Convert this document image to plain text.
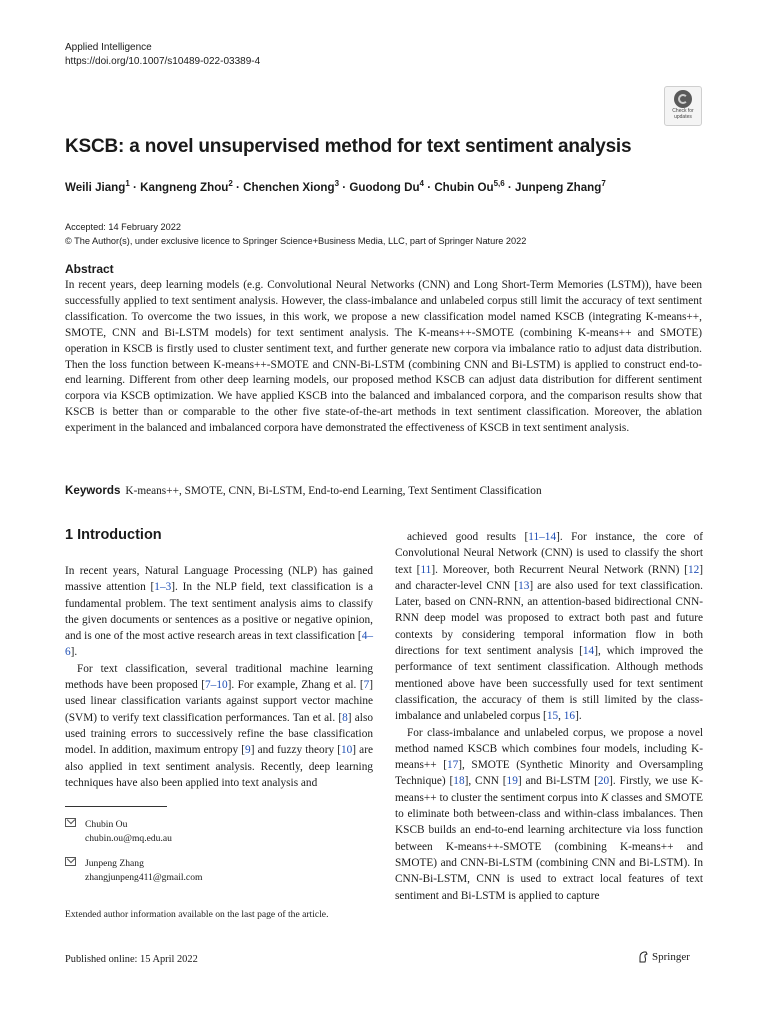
Applied Intelligence
https://doi.org/10.1007/s10489-022-03389-4
Check for
updates
KSCB: a novel unsupervised method for text sentiment analysis
Weili Jiang$^1$ · Kangneng Zhou$^2$ · Chenchen Xiong$^3$ · Guodong $Du^4$ · Chubin Ou$^{5,6}$ · Junpeng Zhang$^7$
Accepted: 14 February 2022
© The Author(s), under exclusive licence to Springer Science+Business Media, LLC, part of Springer Nature 2022
Abstract
In recent years, deep learning models (e.g. Convolutional Neural Networks (CNN) and Long Short-Term Memories (LSTM)), have been successfully applied to text sentiment analysis. However, the class-imbalance and unlabeled corpus still limit the accuracy of text sentiment classification. To overcome the two issues, in this work, we propose a new classification model named KSCB (integrating K-means++, SMOTE, CNN and Bi-LSTM models) for text sentiment analysis. The K-means++-SMOTE (combining K-means++ and SMOTE) operation in KSCB is firstly used to cluster sentiment text, and further generate new corpora via imbalance ratio to adjust data distribution. Then the loss function between K-means++-SMOTE and CNN-Bi-LSTM (combining CNN and Bi-LSTM) is applied to construct end-to-end learning. Different from other deep learning models, our proposed method KSCB can adjust data distribution for different sentiment corpora via KSCB optimization. We have applied KSCB into the balanced and imbalanced corpora, and the comparison results show that KSCB is better than or comparable to the other five state-of-the-art methods in text sentiment classification. Moreover, the ablation experiment in the balanced and imbalanced corpora have demonstrated the effectiveness of KSCB in text sentiment analysis.
Keywords K-means++, SMOTE, CNN, Bi-LSTM, End-to-end Learning, Text Sentiment Classification
1 Introduction

In recent years, Natural Language Processing (NLP) has gained massive attention [1–3]. In the NLP field, text classification is a fundamental problem. The text sentiment analysis aims to classify the given documents or sentences as a positive or negative opinion, and is one of the most active research areas in text classification [4–6].

For text classification, several traditional machine learning methods have been proposed [7–10]. For example, Zhang et al. [7] used linear classification variants against support vector machine (SVM) to verify text classification performances. Tan et al. [8] also used training errors to successively refine the base classification model. In addition, maximum entropy [9] and fuzzy theory [10] are also applied in text sentiment analysis. Recently, deep learning techniques have also been applied into text analysis and

achieved good results [11–14]. For instance, the core of Convolutional Neural Network (CNN) is used to classify the short text [11]. Moreover, both Recurrent Neural Network (RNN) [12] and character-level CNN [13] are also used for text classification. Later, based on CNN-RNN, an attention-based bidirectional CNN-RNN deep model was proposed to extract both past and future contexts by considering temporal information flow in both directions for text sentiment analysis [14], which improved the performance of text sentiment classification. Although methods mentioned above have been successfully used for text sentiment classification, the accuracy of them is still limited by the class-imbalance and unlabeled corpus [15, 16].

For class-imbalance and unlabeled corpus, we propose a novel method named KSCB which combines four models, including K-means++ [17], SMOTE (Synthetic Minority and Oversampling Technique) [18], CNN [19] and Bi-LSTM [20]. Firstly, we use K-means++ to cluster the sentiment corpus into K classes and SMOTE to eliminate both between-class and within-class imbalances. Then KSCB builds an end-to-end learning architecture via loss function between K-means++-SMOTE (combining K-means++ and SMOTE) and CNN-Bi-LSTM (combining CNN and Bi-LSTM). In CNN-Bi-LSTM, CNN is used to extract local features of text sentiment and Bi-LSTM is applied to capture

Chubin Ou
chubin.ou@mq.edu.au
Junpeng Zhang
zhangjunpeng411@gmail.com
Extended author information available on the last page of the article.
Published online: 15 April 2022	Springer
